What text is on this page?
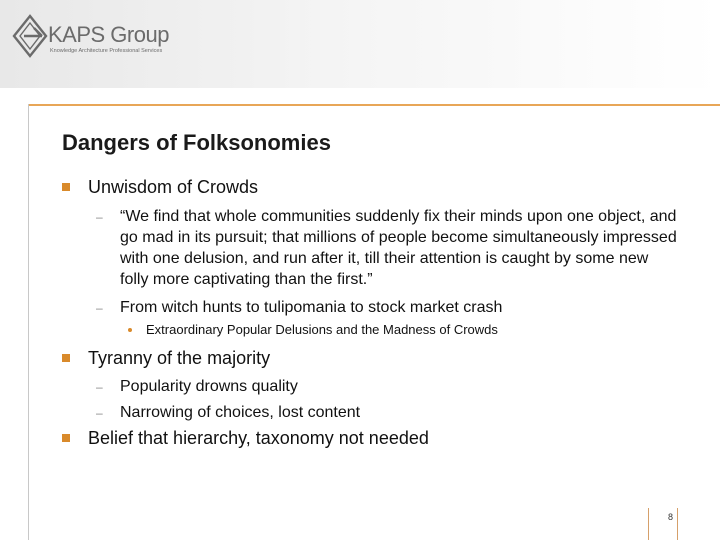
KAPS Group
Knowledge Architecture Professional Services
Dangers of Folksonomies
Unwisdom of Crowds
– “We find that whole communities suddenly fix their minds upon one object, and go mad in its pursuit; that millions of people become simultaneously impressed with one delusion, and run after it, till their attention is caught by some new folly more captivating than the first.”
– From witch hunts to tulipomania to stock market crash
Extraordinary Popular Delusions and the Madness of Crowds
Tyranny of the majority
– Popularity drowns quality
– Narrowing of choices, lost content
Belief that hierarchy, taxonomy not needed
8
